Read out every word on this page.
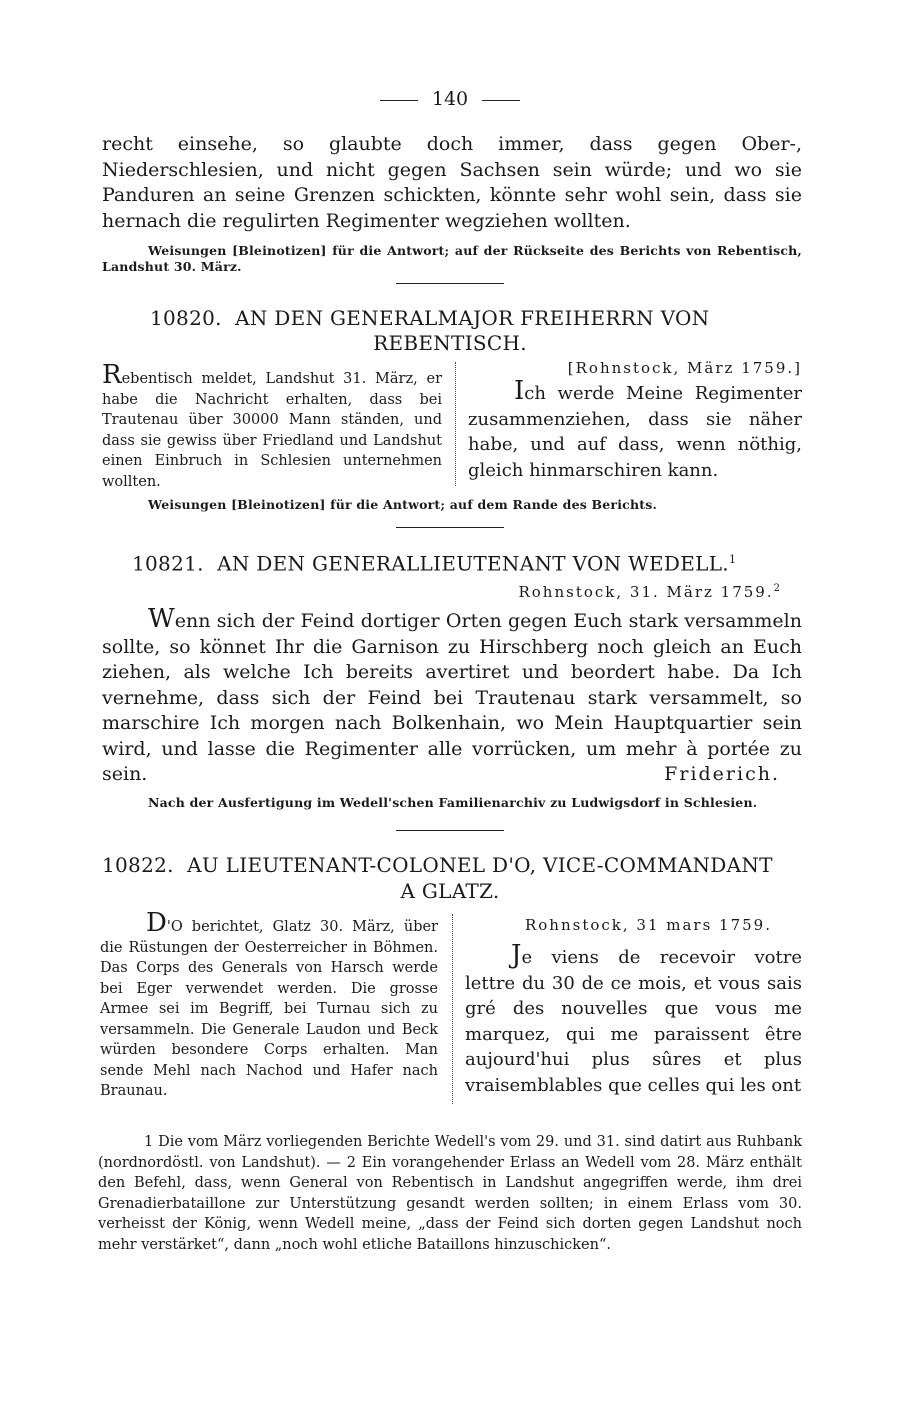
140
recht einsehe, so glaubte doch immer, dass gegen Ober-, Niederschlesien, und nicht gegen Sachsen sein würde; und wo sie Panduren an seine Grenzen schickten, könnte sehr wohl sein, dass sie hernach die regulirten Regimenter wegziehen wollten.
Weisungen [Bleinotizen] für die Antwort; auf der Rückseite des Berichts von Rebentisch, Landshut 30. März.
10820. AN DEN GENERALMAJOR FREIHERRN VON
REBENTISCH.
Rebentisch meldet, Landshut 31. März, er habe die Nachricht erhalten, dass bei Trautenau über 30000 Mann ständen, und dass sie gewiss über Friedland und Landshut einen Einbruch in Schlesien unternehmen wollten.
[Rohnstock, März 1759.]
Ich werde Meine Regimenter zusammenziehen, dass sie näher habe, und auf dass, wenn nöthig, gleich hinmarschiren kann.
Weisungen [Bleinotizen] für die Antwort; auf dem Rande des Berichts.
10821. AN DEN GENERALLIEUTENANT VON WEDELL.$^1$
Rohnstock, 31. März 1759.$^2$
Wenn sich der Feind dortiger Orten gegen Euch stark versammeln sollte, so könnet Ihr die Garnison zu Hirschberg noch gleich an Euch ziehen, als welche Ich bereits avertiret und beordert habe. Da Ich vernehme, dass sich der Feind bei Trautenau stark versammelt, so marschire Ich morgen nach Bolkenhain, wo Mein Hauptquartier sein wird, und lasse die Regimenter alle vorrücken, um mehr à portée zu sein.	Friderich.
Nach der Ausfertigung im Wedell'schen Familienarchiv zu Ludwigsdorf in Schlesien.
10822. AU LIEUTENANT-COLONEL D'O, VICE-COMMANDANT
A GLATZ.
D'O berichtet, Glatz 30. März, über die Rüstungen der Oesterreicher in Böhmen. Das Corps des Generals von Harsch werde bei Eger verwendet werden. Die grosse Armee sei im Begriff, bei Turnau sich zu versammeln. Die Generale Laudon und Beck würden besondere Corps erhalten. Man sende Mehl nach Nachod und Hafer nach Braunau.
Rohnstock, 31 mars 1759.
Je viens de recevoir votre lettre du 30 de ce mois, et vous sais gré des nouvelles que vous me marquez, qui me paraissent être aujourd'hui plus sûres et plus vraisemblables que celles qui les ont
1 Die vom März vorliegenden Berichte Wedell's vom 29. und 31. sind datirt aus Ruhbank (nordnordöstl. von Landshut). — 2 Ein vorangehender Erlass an Wedell vom 28. März enthält den Befehl, dass, wenn General von Rebentisch in Landshut angegriffen werde, ihm drei Grenadierbataillone zur Unterstützung gesandt werden sollten; in einem Erlass vom 30. verheisst der König, wenn Wedell meine, „dass der Feind sich dorten gegen Landshut noch mehr verstärket“, dann „noch wohl etliche Bataillons hinzuschicken“.
